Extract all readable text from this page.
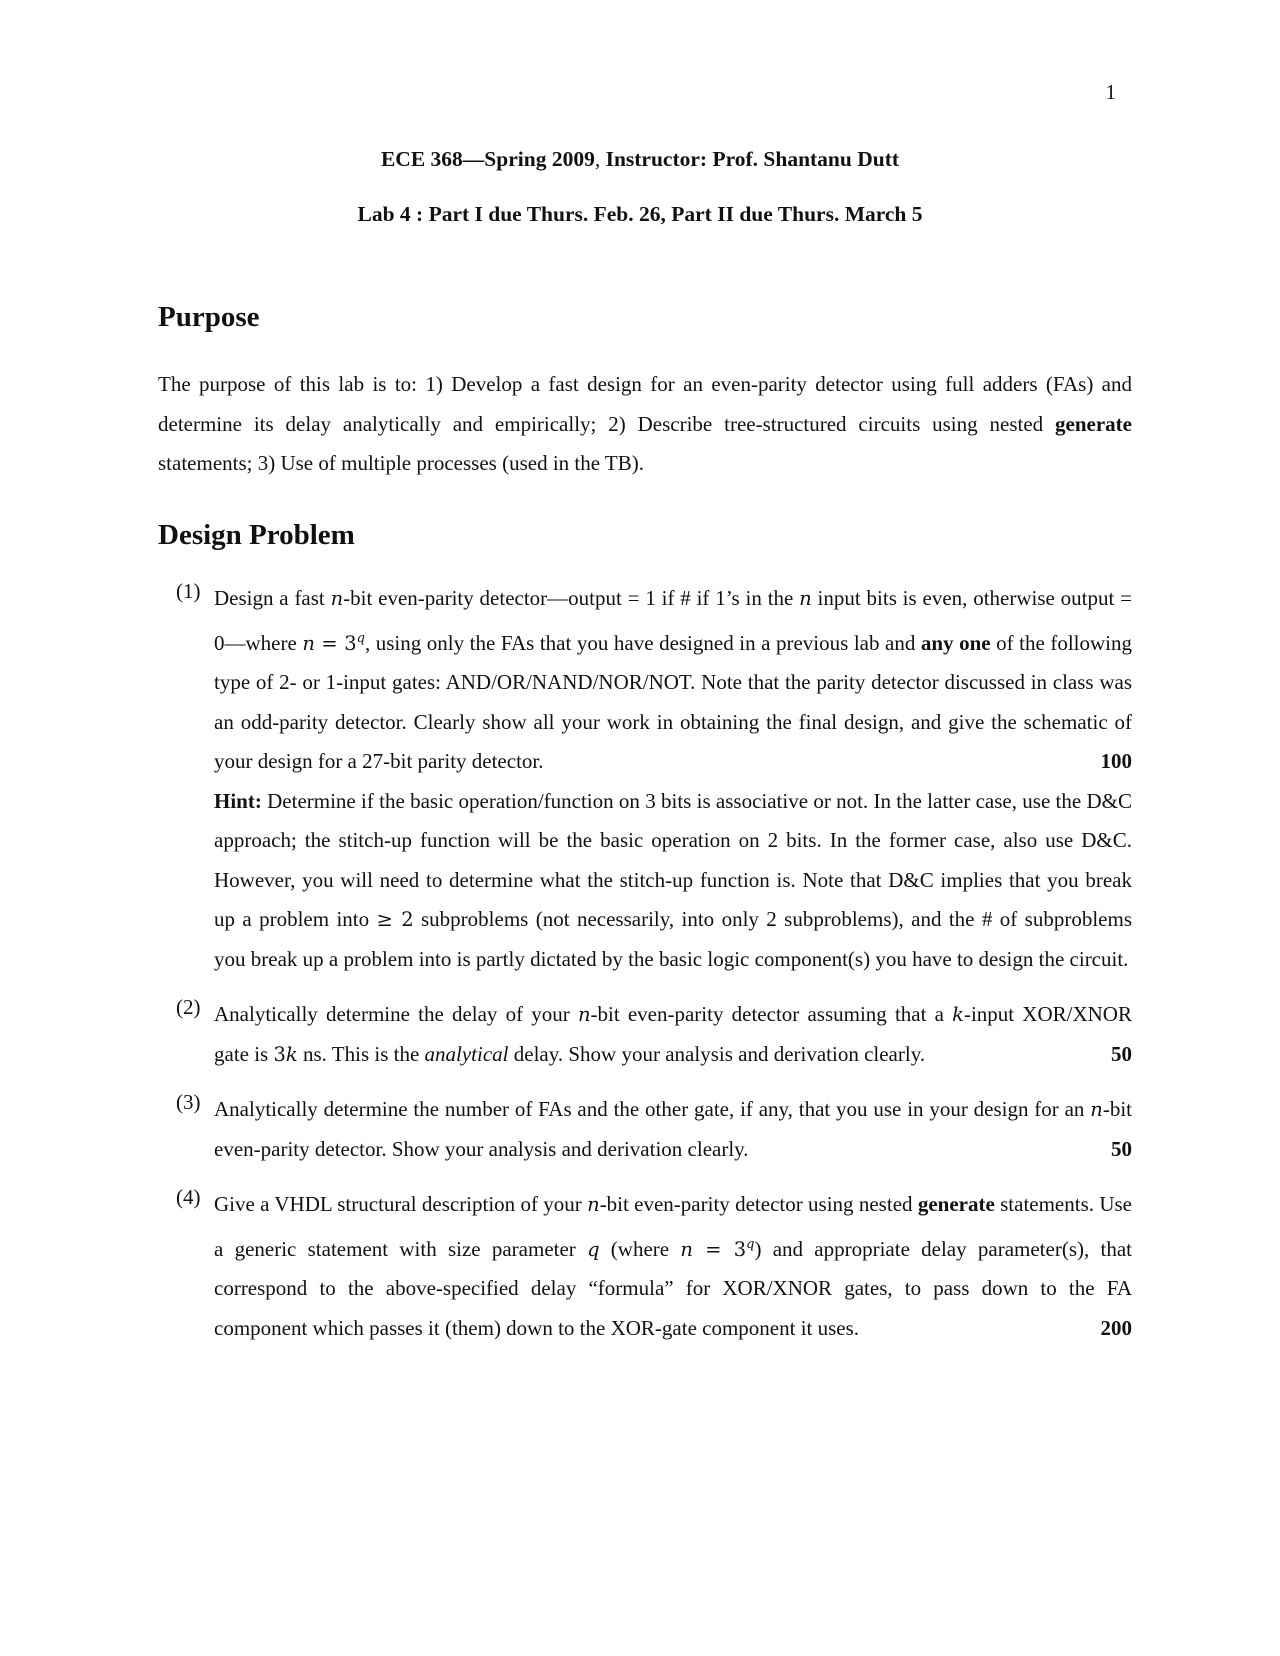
1
ECE 368—Spring 2009, Instructor: Prof. Shantanu Dutt
Lab 4 : Part I due Thurs. Feb. 26, Part II due Thurs. March 5
Purpose

The purpose of this lab is to: 1) Develop a fast design for an even-parity detector using full adders (FAs) and determine its delay analytically and empirically; 2) Describe tree-structured circuits using nested generate statements; 3) Use of multiple processes (used in the TB).

Design Problem
(1) Design a fast n-bit even-parity detector—output = 1 if # if 1’s in the n input bits is even, otherwise output = 0—where $n = 3^q$, using only the FAs that you have designed in a previous lab and any one of the following type of 2- or 1-input gates: AND/OR/NAND/NOR/NOT. Note that the parity detector discussed in class was an odd-parity detector. Clearly show all your work in obtaining the final design, and give the schematic of your design for a 27-bit parity detector.	100

Hint: Determine if the basic operation/function on 3 bits is associative or not. In the latter case, use the D&C approach; the stitch-up function will be the basic operation on 2 bits. In the former case, also use D&C. However, you will need to determine what the stitch-up function is. Note that D&C implies that you break up a problem into ≥ 2 subproblems (not necessarily, into only 2 subproblems), and the # of subproblems you break up a problem into is partly dictated by the basic logic component(s) you have to design the circuit.

(2) Analytically determine the delay of your n-bit even-parity detector assuming that a k-input XOR/XNOR gate is 3k ns. This is the analytical delay. Show your analysis and derivation clearly.	50

(3) Analytically determine the number of FAs and the other gate, if any, that you use in your design for an n-bit even-parity detector. Show your analysis and derivation clearly.	50

(4) Give a VHDL structural description of your n-bit even-parity detector using nested generate statements. Use a generic statement with size parameter q (where $n = 3^q$) and appropriate delay parameter(s), that correspond to the above-specified delay “formula” for XOR/XNOR gates, to pass down to the FA component which passes it (them) down to the XOR-gate component it uses.	200
